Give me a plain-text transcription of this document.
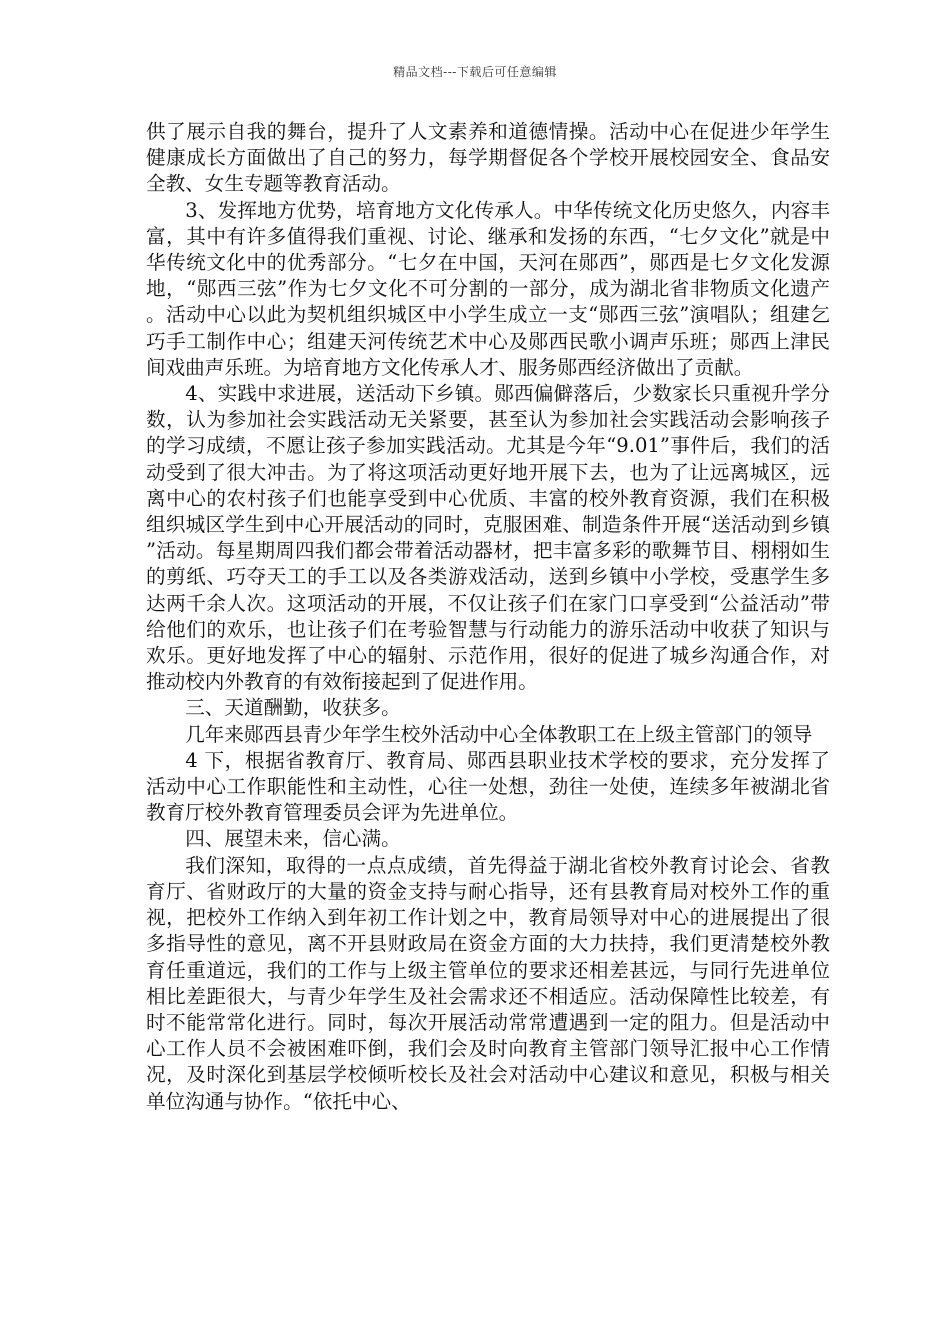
精品文档---下载后可任意编辑

供了展示自我的舞台，提升了人文素养和道德情操。活动中心在促进少年学生健康成长方面做出了自己的努力，每学期督促各个学校开展校园安全、食品安全教、女生专题等教育活动。

3、发挥地方优势，培育地方文化传承人。中华传统文化历史悠久，内容丰富，其中有许多值得我们重视、讨论、继承和发扬的东西，“七夕文化”就是中华传统文化中的优秀部分。“七夕在中国，天河在郧西”，郧西是七夕文化发源地，“郧西三弦”作为七夕文化不可分割的一部分，成为湖北省非物质文化遗产。活动中心以此为契机组织城区中小学生成立一支“郧西三弦”演唱队；组建乞巧手工制作中心；组建天河传统艺术中心及郧西民歌小调声乐班；郧西上津民间戏曲声乐班。为培育地方文化传承人才、服务郧西经济做出了贡献。

4、实践中求进展，送活动下乡镇。郧西偏僻落后，少数家长只重视升学分数，认为参加社会实践活动无关紧要，甚至认为参加社会实践活动会影响孩子的学习成绩，不愿让孩子参加实践活动。尤其是今年“9.01”事件后，我们的活动受到了很大冲击。为了将这项活动更好地开展下去，也为了让远离城区，远离中心的农村孩子们也能享受到中心优质、丰富的校外教育资源，我们在积极组织城区学生到中心开展活动的同时，克服困难、制造条件开展“送活动到乡镇”活动。每星期周四我们都会带着活动器材，把丰富多彩的歌舞节目、栩栩如生的剪纸、巧夺天工的手工以及各类游戏活动，送到乡镇中小学校，受惠学生多达两千余人次。这项活动的开展，不仅让孩子们在家门口享受到“公益活动”带给他们的欢乐，也让孩子们在考验智慧与行动能力的游乐活动中收获了知识与欢乐。更好地发挥了中心的辐射、示范作用，很好的促进了城乡沟通合作，对推动校内外教育的有效衔接起到了促进作用。

三、天道酬勤，收获多。

几年来郧西县青少年学生校外活动中心全体教职工在上级主管部门的领导

4 下，根据省教育厅、教育局、郧西县职业技术学校的要求，充分发挥了活动中心工作职能性和主动性，心往一处想，劲往一处使，连续多年被湖北省教育厅校外教育管理委员会评为先进单位。

四、展望未来，信心满。

我们深知，取得的一点点成绩，首先得益于湖北省校外教育讨论会、省教育厅、省财政厅的大量的资金支持与耐心指导，还有县教育局对校外工作的重视，把校外工作纳入到年初工作计划之中，教育局领导对中心的进展提出了很多指导性的意见，离不开县财政局在资金方面的大力扶持，我们更清楚校外教育任重道远，我们的工作与上级主管单位的要求还相差甚远，与同行先进单位相比差距很大，与青少年学生及社会需求还不相适应。活动保障性比较差，有时不能常常化进行。同时，每次开展活动常常遭遇到一定的阻力。但是活动中心工作人员不会被困难吓倒，我们会及时向教育主管部门领导汇报中心工作情况，及时深化到基层学校倾听校长及社会对活动中心建议和意见，积极与相关单位沟通与协作。“依托中心、
